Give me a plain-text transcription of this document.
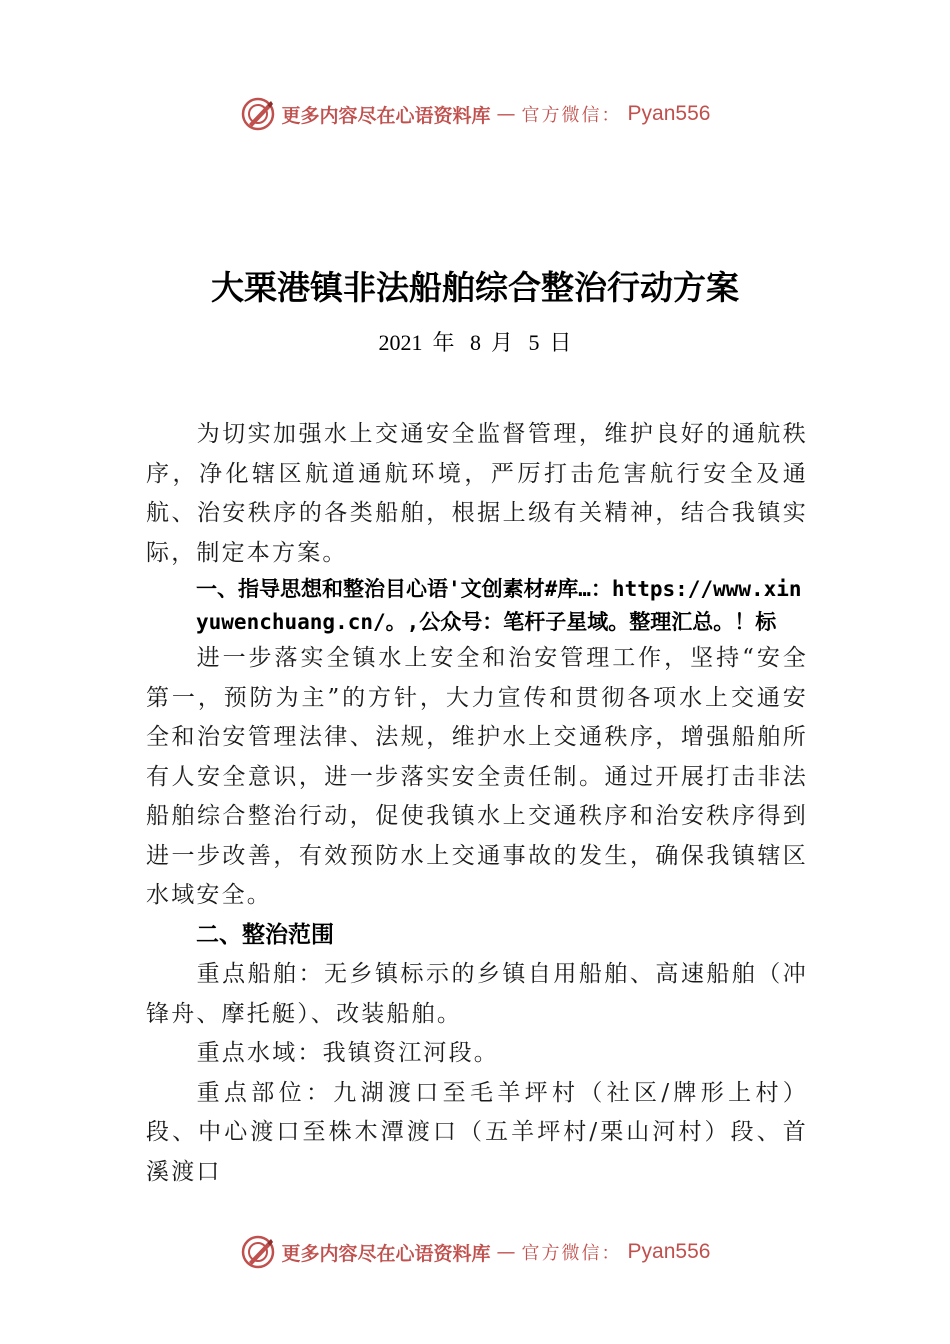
更多内容尽在心语资料库 — 官方微信： Pyan556
大栗港镇非法船舶综合整治行动方案
2021 年 8 月 5 日

为切实加强水上交通安全监督管理，维护良好的通航秩序，净化辖区航道通航环境，严厉打击危害航行安全及通航、治安秩序的各类船舶，根据上级有关精神，结合我镇实际，制定本方案。

一、指导思想和整治目心语'文创素材#库…：https://www.xinyuwenchuang.cn/。,公众号：笔杆子星域。整理汇总。！标

进一步落实全镇水上安全和治安管理工作，坚持“安全第一，预防为主”的方针，大力宣传和贯彻各项水上交通安全和治安管理法律、法规，维护水上交通秩序，增强船舶所有人安全意识，进一步落实安全责任制。通过开展打击非法船舶综合整治行动，促使我镇水上交通秩序和治安秩序得到进一步改善，有效预防水上交通事故的发生，确保我镇辖区水域安全。

二、整治范围

重点船舶：无乡镇标示的乡镇自用船舶、高速船舶（冲锋舟、摩托艇）、改装船舶。

重点水域：我镇资江河段。

重点部位：九湖渡口至毛羊坪村（社区/牌形上村）段、中心渡口至株木潭渡口（五羊坪村/栗山河村）段、首溪渡口

更多内容尽在心语资料库 — 官方微信： Pyan556
